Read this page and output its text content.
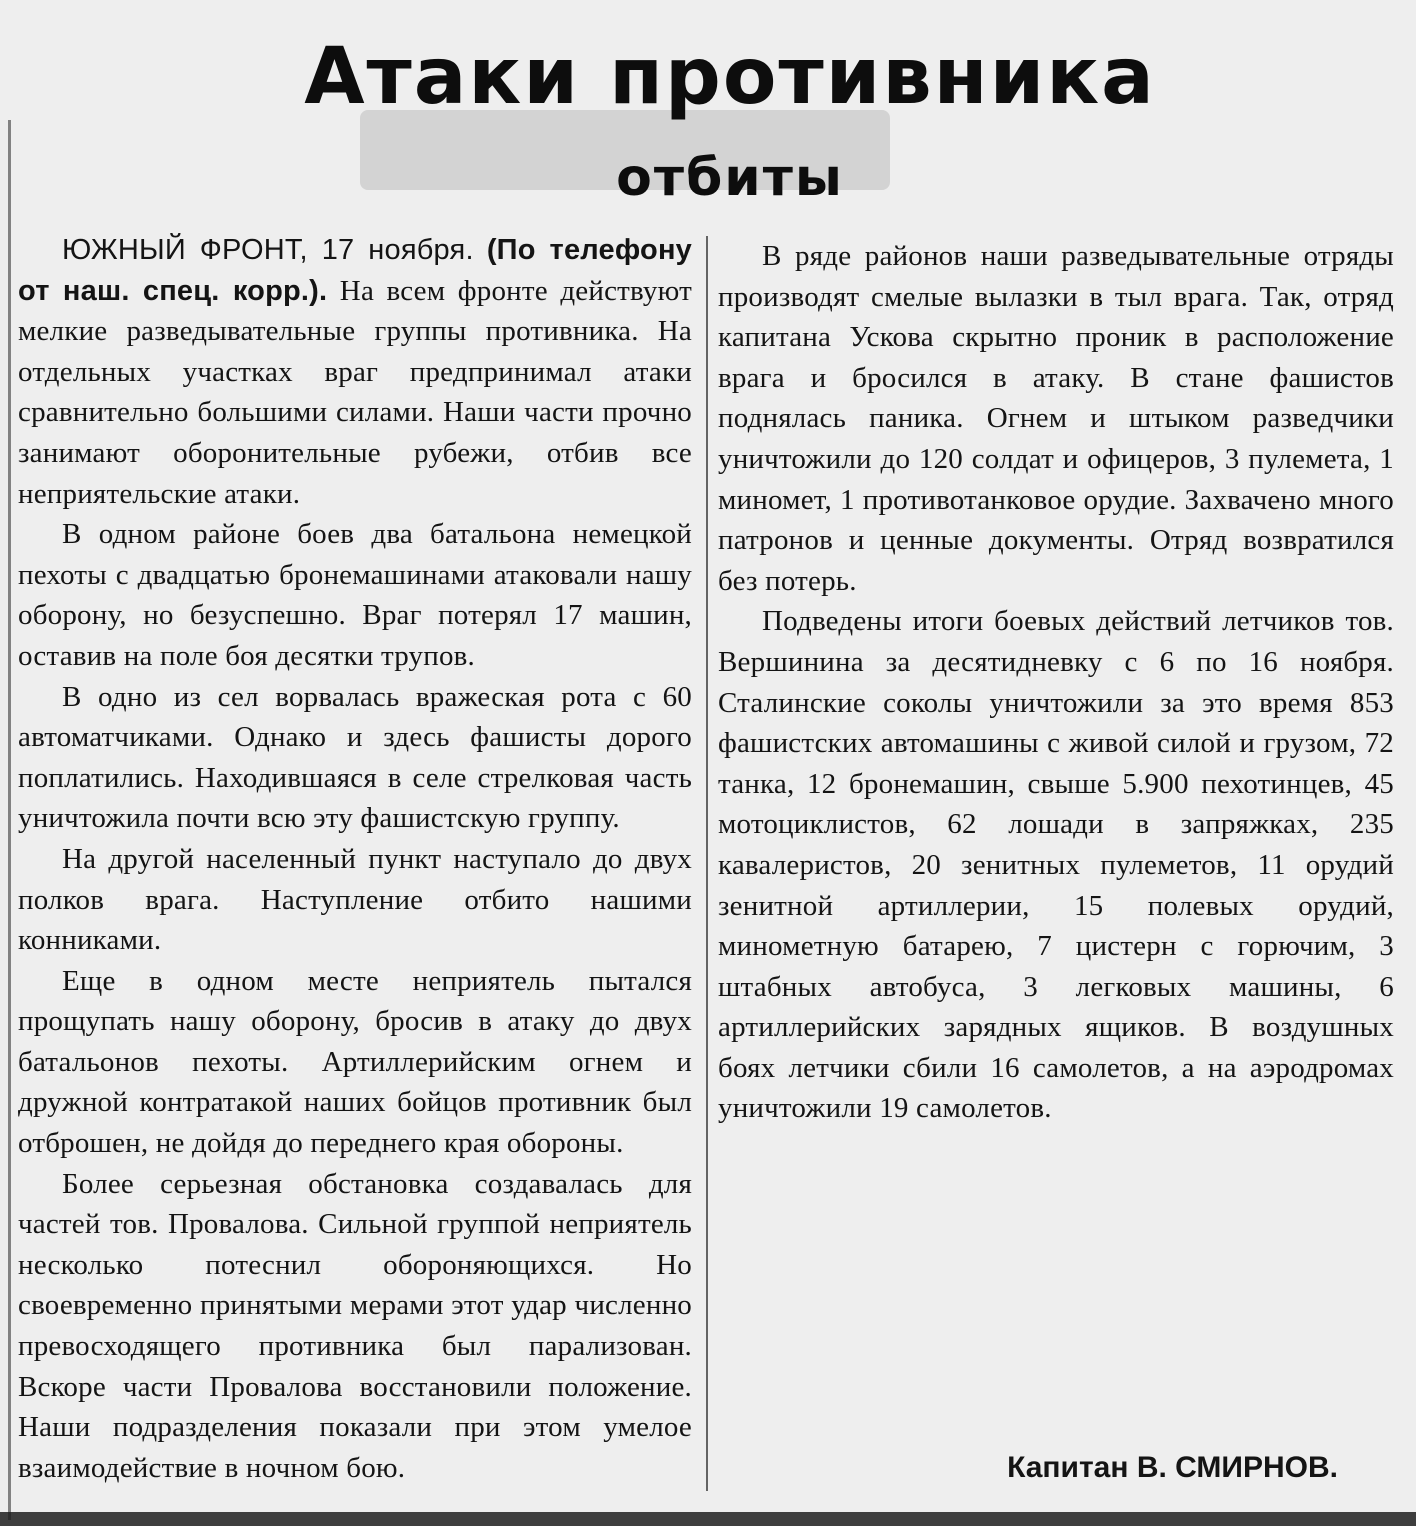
Атаки противника
отбиты

ЮЖНЫЙ ФРОНТ, 17 ноября. (По телефону от наш. спец. корр.). На всем фронте действуют мелкие разведывательные группы противника. На отдельных участках враг предпринимал атаки сравнительно большими силами. Наши части прочно занимают оборонительные рубежи, отбив все неприятельские атаки.

В одном районе боев два батальона немецкой пехоты с двадцатью бронемашинами атаковали нашу оборону, но безуспешно. Враг потерял 17 машин, оставив на поле боя десятки трупов.

В одно из сел ворвалась вражеская рота с 60 автоматчиками. Однако и здесь фашисты дорого поплатились. Находившаяся в селе стрелковая часть уничтожила почти всю эту фашистскую группу.

На другой населенный пункт наступало до двух полков врага. Наступление отбито нашими конниками.

Еще в одном месте неприятель пытался прощупать нашу оборону, бросив в атаку до двух батальонов пехоты. Артиллерийским огнем и дружной контратакой наших бойцов противник был отброшен, не дойдя до переднего края обороны.

Более серьезная обстановка создавалась для частей тов. Провалова. Сильной группой неприятель несколько потеснил обороняющихся. Но своевременно принятыми мерами этот удар численно превосходящего противника был парализован. Вскоре части Провалова восстановили положение. Наши подразделения показали при этом умелое взаимодействие в ночном бою.

В ряде районов наши разведывательные отряды производят смелые вылазки в тыл врага. Так, отряд капитана Ускова скрытно проник в расположение врага и бросился в атаку. В стане фашистов поднялась паника. Огнем и штыком разведчики уничтожили до 120 солдат и офицеров, 3 пулемета, 1 миномет, 1 противотанковое орудие. Захвачено много патронов и ценные документы. Отряд возвратился без потерь.

Подведены итоги боевых действий летчиков тов. Вершинина за десятидневку с 6 по 16 ноября. Сталинские соколы уничтожили за это время 853 фашистских автомашины с живой силой и грузом, 72 танка, 12 бронемашин, свыше 5.900 пехотинцев, 45 мотоциклистов, 62 лошади в запряжках, 235 кавалеристов, 20 зенитных пулеметов, 11 орудий зенитной артиллерии, 15 полевых орудий, минометную батарею, 7 цистерн с горючим, 3 штабных автобуса, 3 легковых машины, 6 артиллерийских зарядных ящиков. В воздушных боях летчики сбили 16 самолетов, а на аэродромах уничтожили 19 самолетов.

Капитан В. СМИРНОВ.
